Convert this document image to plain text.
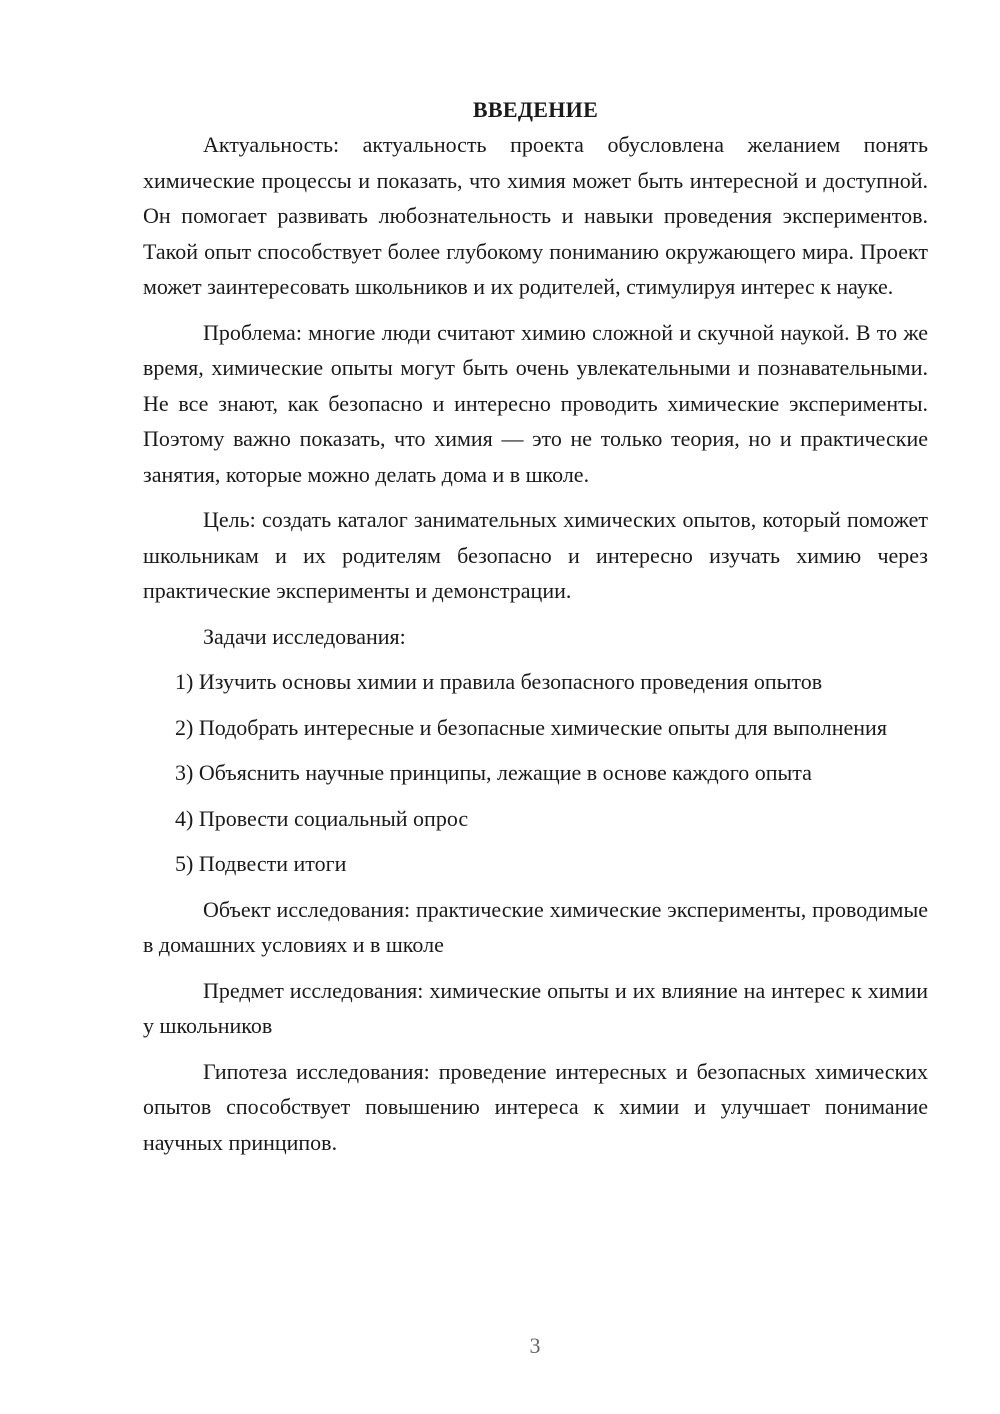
ВВЕДЕНИЕ

Актуальность: актуальность проекта обусловлена желанием понять химические процессы и показать, что химия может быть интересной и доступной. Он помогает развивать любознательность и навыки проведения экспериментов. Такой опыт способствует более глубокому пониманию окружающего мира. Проект может заинтересовать школьников и их родителей, стимулируя интерес к науке.

Проблема: многие люди считают химию сложной и скучной наукой. В то же время, химические опыты могут быть очень увлекательными и познавательными. Не все знают, как безопасно и интересно проводить химические эксперименты. Поэтому важно показать, что химия — это не только теория, но и практические занятия, которые можно делать дома и в школе.

Цель: создать каталог занимательных химических опытов, который поможет школьникам и их родителям безопасно и интересно изучать химию через практические эксперименты и демонстрации.

Задачи исследования:

1) Изучить основы химии и правила безопасного проведения опытов

2) Подобрать интересные и безопасные химические опыты для выполнения

3) Объяснить научные принципы, лежащие в основе каждого опыта

4) Провести социальный опрос

5) Подвести итоги

Объект исследования: практические химические эксперименты, проводимые в домашних условиях и в школе

Предмет исследования: химические опыты и их влияние на интерес к химии у школьников

Гипотеза исследования: проведение интересных и безопасных химических опытов способствует повышению интереса к химии и улучшает понимание научных принципов.

3
